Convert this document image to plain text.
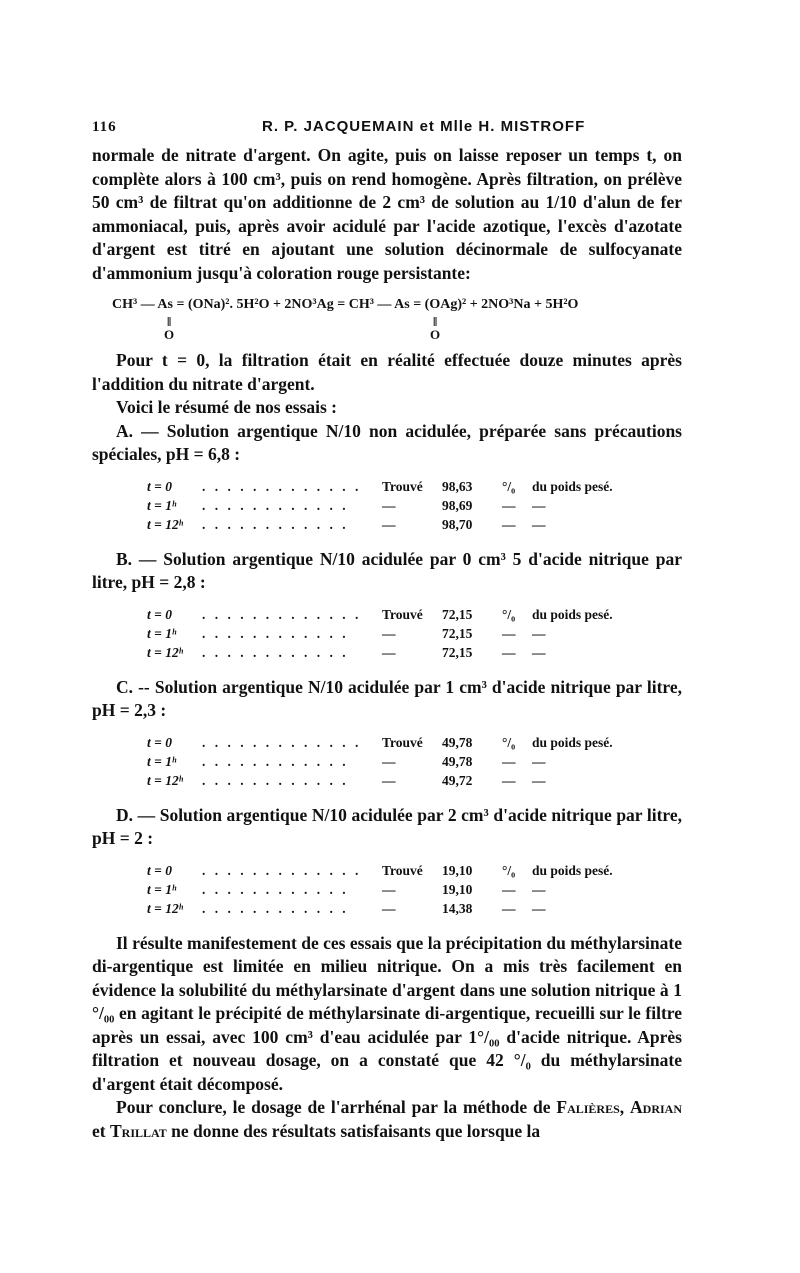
116	R. P. JACQUEMAIN et Mlle H. MISTROFF

normale de nitrate d'argent. On agite, puis on laisse reposer un temps t, on complète alors à 100 cm³, puis on rend homogène. Après filtration, on prélève 50 cm³ de filtrat qu'on additionne de 2 cm³ de solution au 1/10 d'alun de fer ammoniacal, puis, après avoir acidulé par l'acide azotique, l'excès d'azotate d'argent est titré en ajoutant une solution décinormale de sulfocyanate d'ammonium jusqu'à coloration rouge persistante:

CH³ — As = (ONa)². 5H²O + 2NO³Ag = CH³ — As = (OAg)² + 2NO³Na + 5H²O
‖
O
‖
O

Pour t = 0, la filtration était en réalité effectuée douze minutes après l'addition du nitrate d'argent.

Voici le résumé de nos essais :

A. — Solution argentique N/10 non acidulée, préparée sans précautions spéciales, pH = 6,8 :

t = 0	. . . . . . . . . . . . .	Trouvé	98,63	°/₀	du poids pesé.
t = 1ʰ	. . . . . . . . . . . .	—	98,69	—	—
t = 12ʰ	. . . . . . . . . . . .	—	98,70	—	—

B. — Solution argentique N/10 acidulée par 0 cm³ 5 d'acide nitrique par litre, pH = 2,8 :

t = 0	. . . . . . . . . . . . .	Trouvé	72,15	°/₀	du poids pesé.
t = 1ʰ	. . . . . . . . . . . .	—	72,15	—	—
t = 12ʰ	. . . . . . . . . . . .	—	72,15	—	—

C. -- Solution argentique N/10 acidulée par 1 cm³ d'acide nitrique par litre, pH = 2,3 :

t = 0	. . . . . . . . . . . . .	Trouvé	49,78	°/₀	du poids pesé.
t = 1ʰ	. . . . . . . . . . . .	—	49,78	—	—
t = 12ʰ	. . . . . . . . . . . .	—	49,72	—	—

D. — Solution argentique N/10 acidulée par 2 cm³ d'acide nitrique par litre, pH = 2 :

t = 0	. . . . . . . . . . . . .	Trouvé	19,10	°/₀	du poids pesé.
t = 1ʰ	. . . . . . . . . . . .	—	19,10	—	—
t = 12ʰ	. . . . . . . . . . . .	—	14,38	—	—

Il résulte manifestement de ces essais que la précipitation du méthylarsinate di-argentique est limitée en milieu nitrique. On a mis très facilement en évidence la solubilité du méthylarsinate d'argent dans une solution nitrique à 1 °/₀₀ en agitant le précipité de méthylarsinate di-argentique, recueilli sur le filtre après un essai, avec 100 cm³ d'eau acidulée par 1°/₀₀ d'acide nitrique. Après filtration et nouveau dosage, on a constaté que 42 °/₀ du méthylarsinate d'argent était décomposé.

Pour conclure, le dosage de l'arrhénal par la méthode de Falières, Adrian et Trillat ne donne des résultats satisfaisants que lorsque la
